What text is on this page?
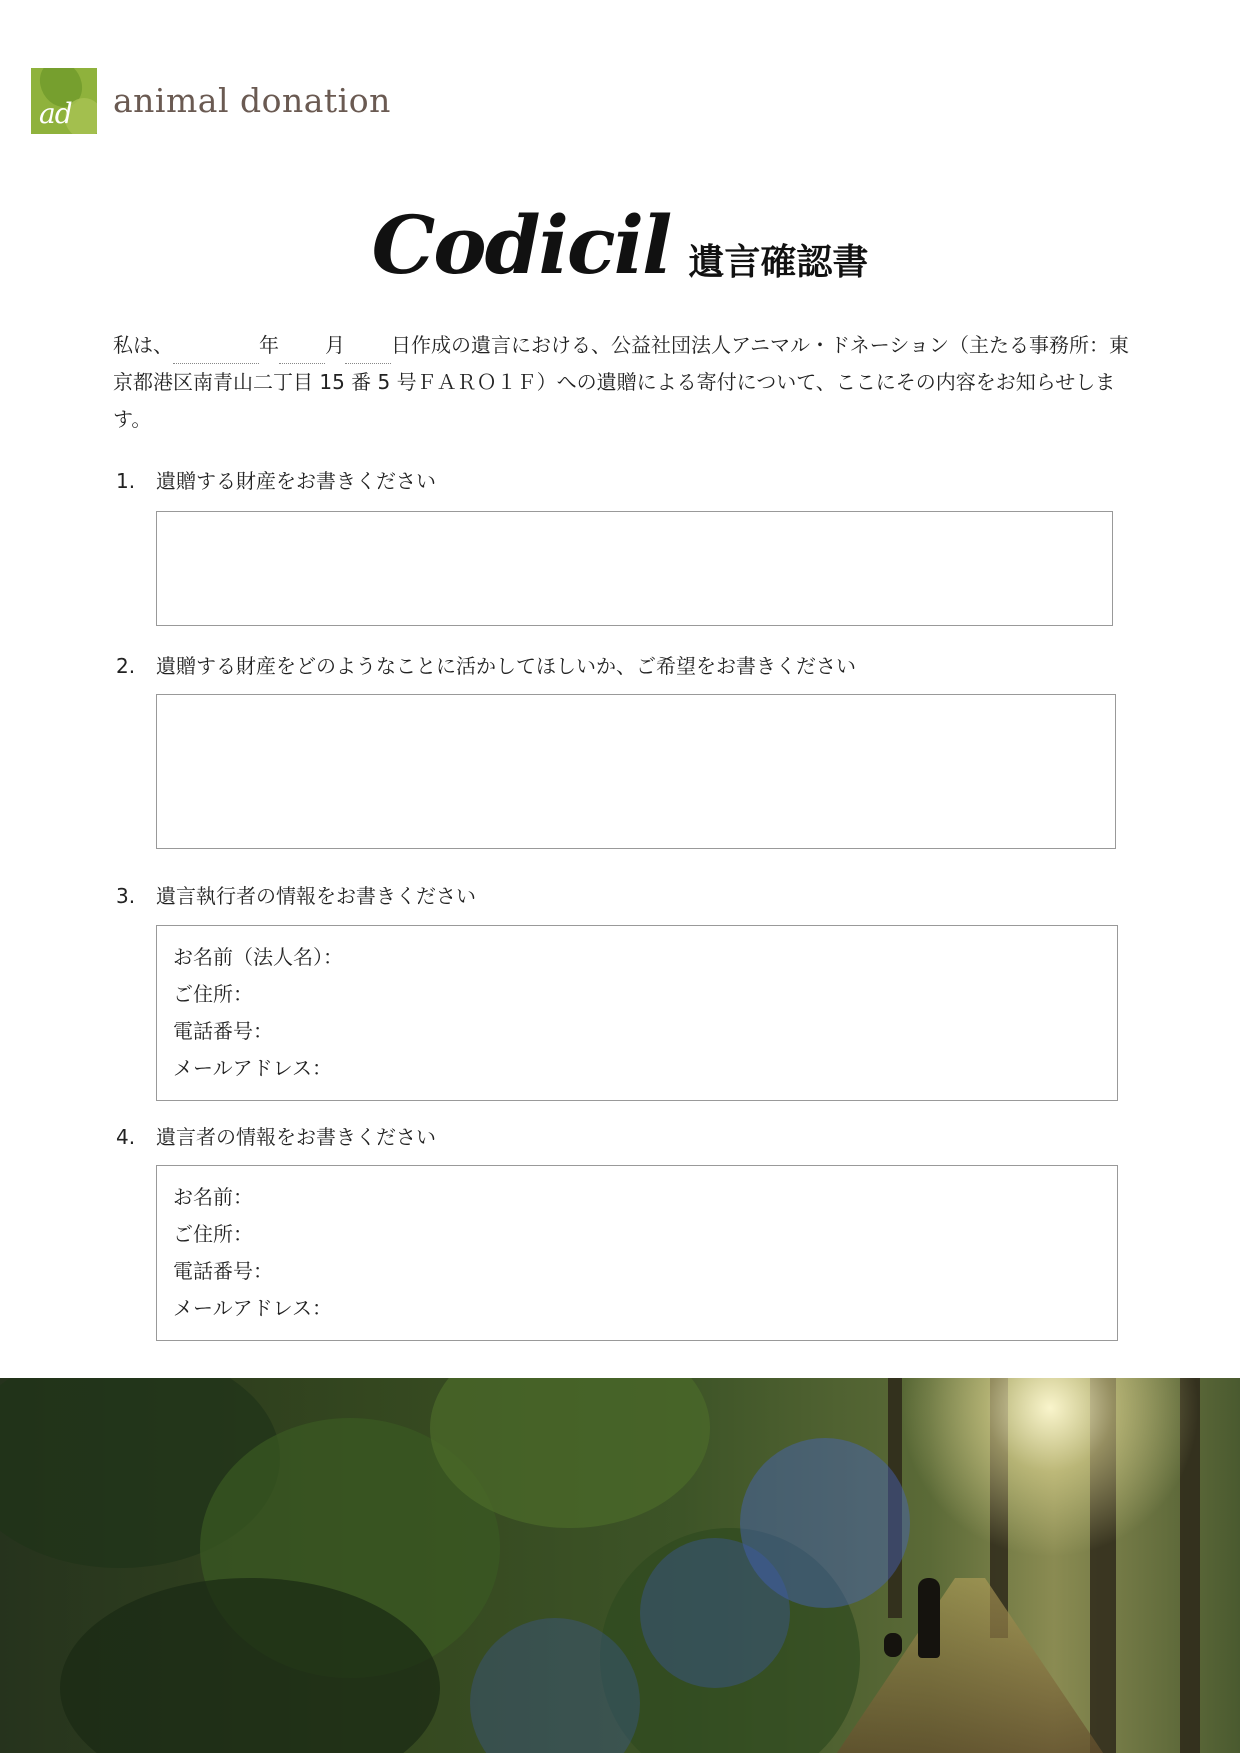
ad animal donation
Codicil 遺言確認書
私は、	年 月 日作成の遺言における、公益社団法人アニマル・ドネーション（主たる事務所：東京都港区南青山二丁目 15 番 5 号ＦＡＲＯ１Ｆ）への遺贈による寄付について、ここにその内容をお知らせします。
1. 遺贈する財産をお書きください
2. 遺贈する財産をどのようなことに活かしてほしいか、ご希望をお書きください
3. 遺言執行者の情報をお書きください
お名前（法人名）：
ご住所：
電話番号：
メールアドレス：
4. 遺言者の情報をお書きください
お名前：
ご住所：
電話番号：
メールアドレス：
